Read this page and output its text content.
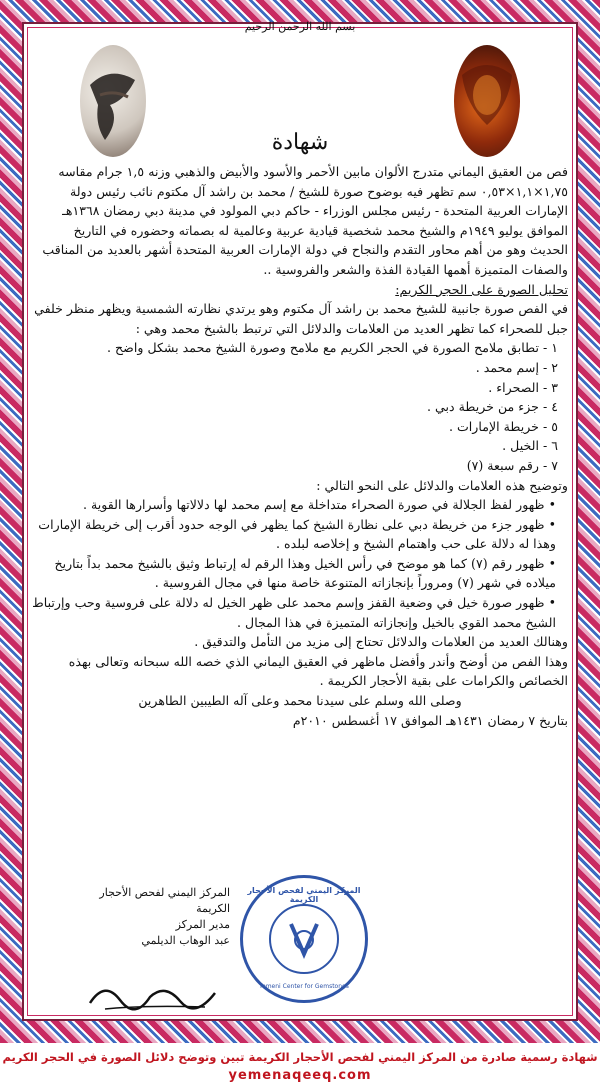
بسم الله الرحمن الرحيم
شهادة

فص من العقيق اليماني متدرج الألوان مابين الأحمر والأسود والأبيض والذهبي وزنه ١,٥ جرام مقاسه ١,٧٥×١,١×٠,٥٣ سم تظهر فيه بوضوح صورة للشيخ / محمد بن راشد آل مكتوم نائب رئيس دولة الإمارات العربية المتحدة - رئيس مجلس الوزراء - حاكم دبي المولود في مدينة دبي رمضان ١٣٦٨هـ الموافق يوليو ١٩٤٩م والشيخ محمد شخصية قيادية عربية وعالمية له بصماته وحضوره في التاريخ الحديث وهو من أهم محاور التقدم والنجاح في دولة الإمارات العربية المتحدة أشهر بالعديد من المناقب والصفات المتميزة أهمها القيادة الفذة والشعر والفروسية ..

تحليل الصورة على الحجر الكريم:

في الفص صورة جانبية للشيخ محمد بن راشد آل مكتوم وهو يرتدي نظارته الشمسية ويظهر منظر خلفي جبل للصحراء كما تظهر العديد من العلامات والدلائل التي ترتبط بالشيخ محمد وهي :

١ - تطابق ملامح الصورة في الحجر الكريم مع ملامح وصورة الشيخ محمد بشكل واضح .
٢ - إسم محمد .
٣ - الصحراء .
٤ - جزء من خريطة دبي .
٥ - خريطة الإمارات .
٦ - الخيل .
٧ - رقم سبعة (٧)

وتوضيح هذه العلامات والدلائل على النحو التالي :

• ظهور لفظ الجلالة في صورة الصحراء متداخلة مع إسم محمد لها دلالاتها وأسرارها القوية .
• ظهور جزء من خريطة دبي على نظارة الشيخ كما يظهر في الوجه حدود أقرب إلى خريطة الإمارات وهذا له دلالة على حب واهتمام الشيخ و إخلاصه لبلده .
• ظهور رقم (٧) كما هو موضح في رأس الخيل وهذا الرقم له إرتباط وثيق بالشيخ محمد بداً بتاريخ ميلاده في شهر (٧) ومروراً بإنجازاته المتنوعة خاصة منها في مجال الفروسية .
• ظهور صورة خيل في وضعية القفز وإسم محمد على ظهر الخيل له دلالة على فروسية وحب وإرتباط الشيخ محمد القوي بالخيل وإنجازاته المتميزة في هذا المجال .

وهنالك العديد من العلامات والدلائل تحتاج إلى مزيد من التأمل والتدقيق .

وهذا الفص من أوضح وأندر وأفضل ماظهر في العقيق اليماني الذي خصه الله سبحانه وتعالى بهذه الخصائص والكرامات على بقية الأحجار الكريمة .

وصلى الله وسلم على سيدنا محمد وعلى آله الطيبين الطاهرين

بتاريخ ٧ رمضان ١٤٣١هـ الموافق ١٧ أغسطس ٢٠١٠م

المركز اليمني لفحص الأحجار الكريمة
مدير المركز
عبد الوهاب الديلمي
المركز اليمني لفحص الأحجار الكريمة
Yemeni Center for Gemstones
شهادة رسمية صادرة من المركز اليمني لفحص الأحجار الكريمة تبين وتوضح دلائل الصورة في الحجر الكريم
yemenaqeeq.com
